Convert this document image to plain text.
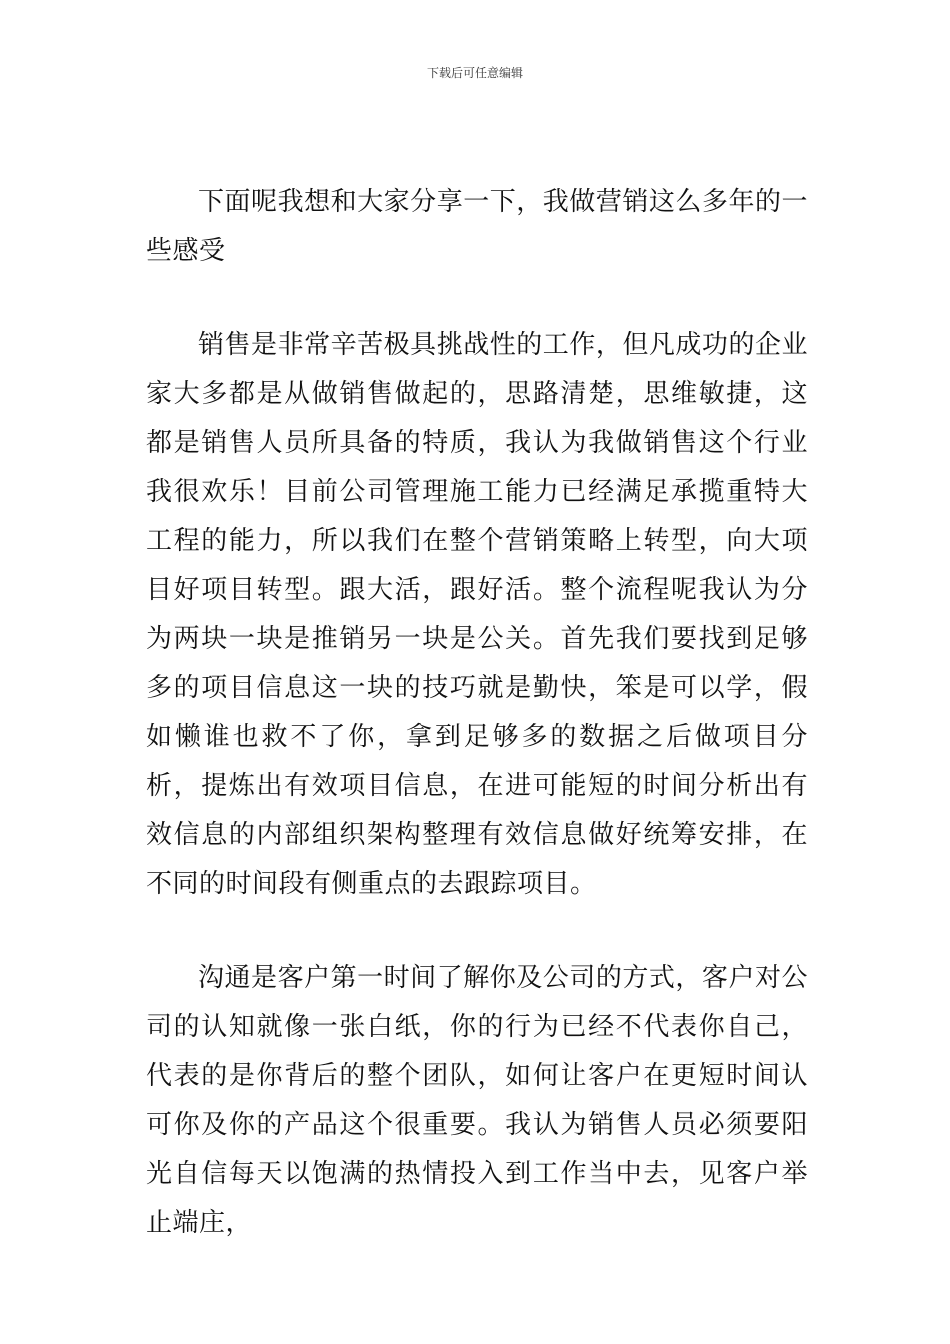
下载后可任意编辑

下面呢我想和大家分享一下，我做营销这么多年的一些感受

销售是非常辛苦极具挑战性的工作，但凡成功的企业家大多都是从做销售做起的，思路清楚，思维敏捷，这都是销售人员所具备的特质，我认为我做销售这个行业我很欢乐！目前公司管理施工能力已经满足承揽重特大工程的能力，所以我们在整个营销策略上转型，向大项目好项目转型。跟大活，跟好活。整个流程呢我认为分为两块一块是推销另一块是公关。首先我们要找到足够多的项目信息这一块的技巧就是勤快，笨是可以学，假如懒谁也救不了你，拿到足够多的数据之后做项目分析，提炼出有效项目信息，在进可能短的时间分析出有效信息的内部组织架构整理有效信息做好统筹安排，在不同的时间段有侧重点的去跟踪项目。

沟通是客户第一时间了解你及公司的方式，客户对公司的认知就像一张白纸，你的行为已经不代表你自己，代表的是你背后的整个团队，如何让客户在更短时间认可你及你的产品这个很重要。我认为销售人员必须要阳光自信每天以饱满的热情投入到工作当中去，见客户举止端庄，
